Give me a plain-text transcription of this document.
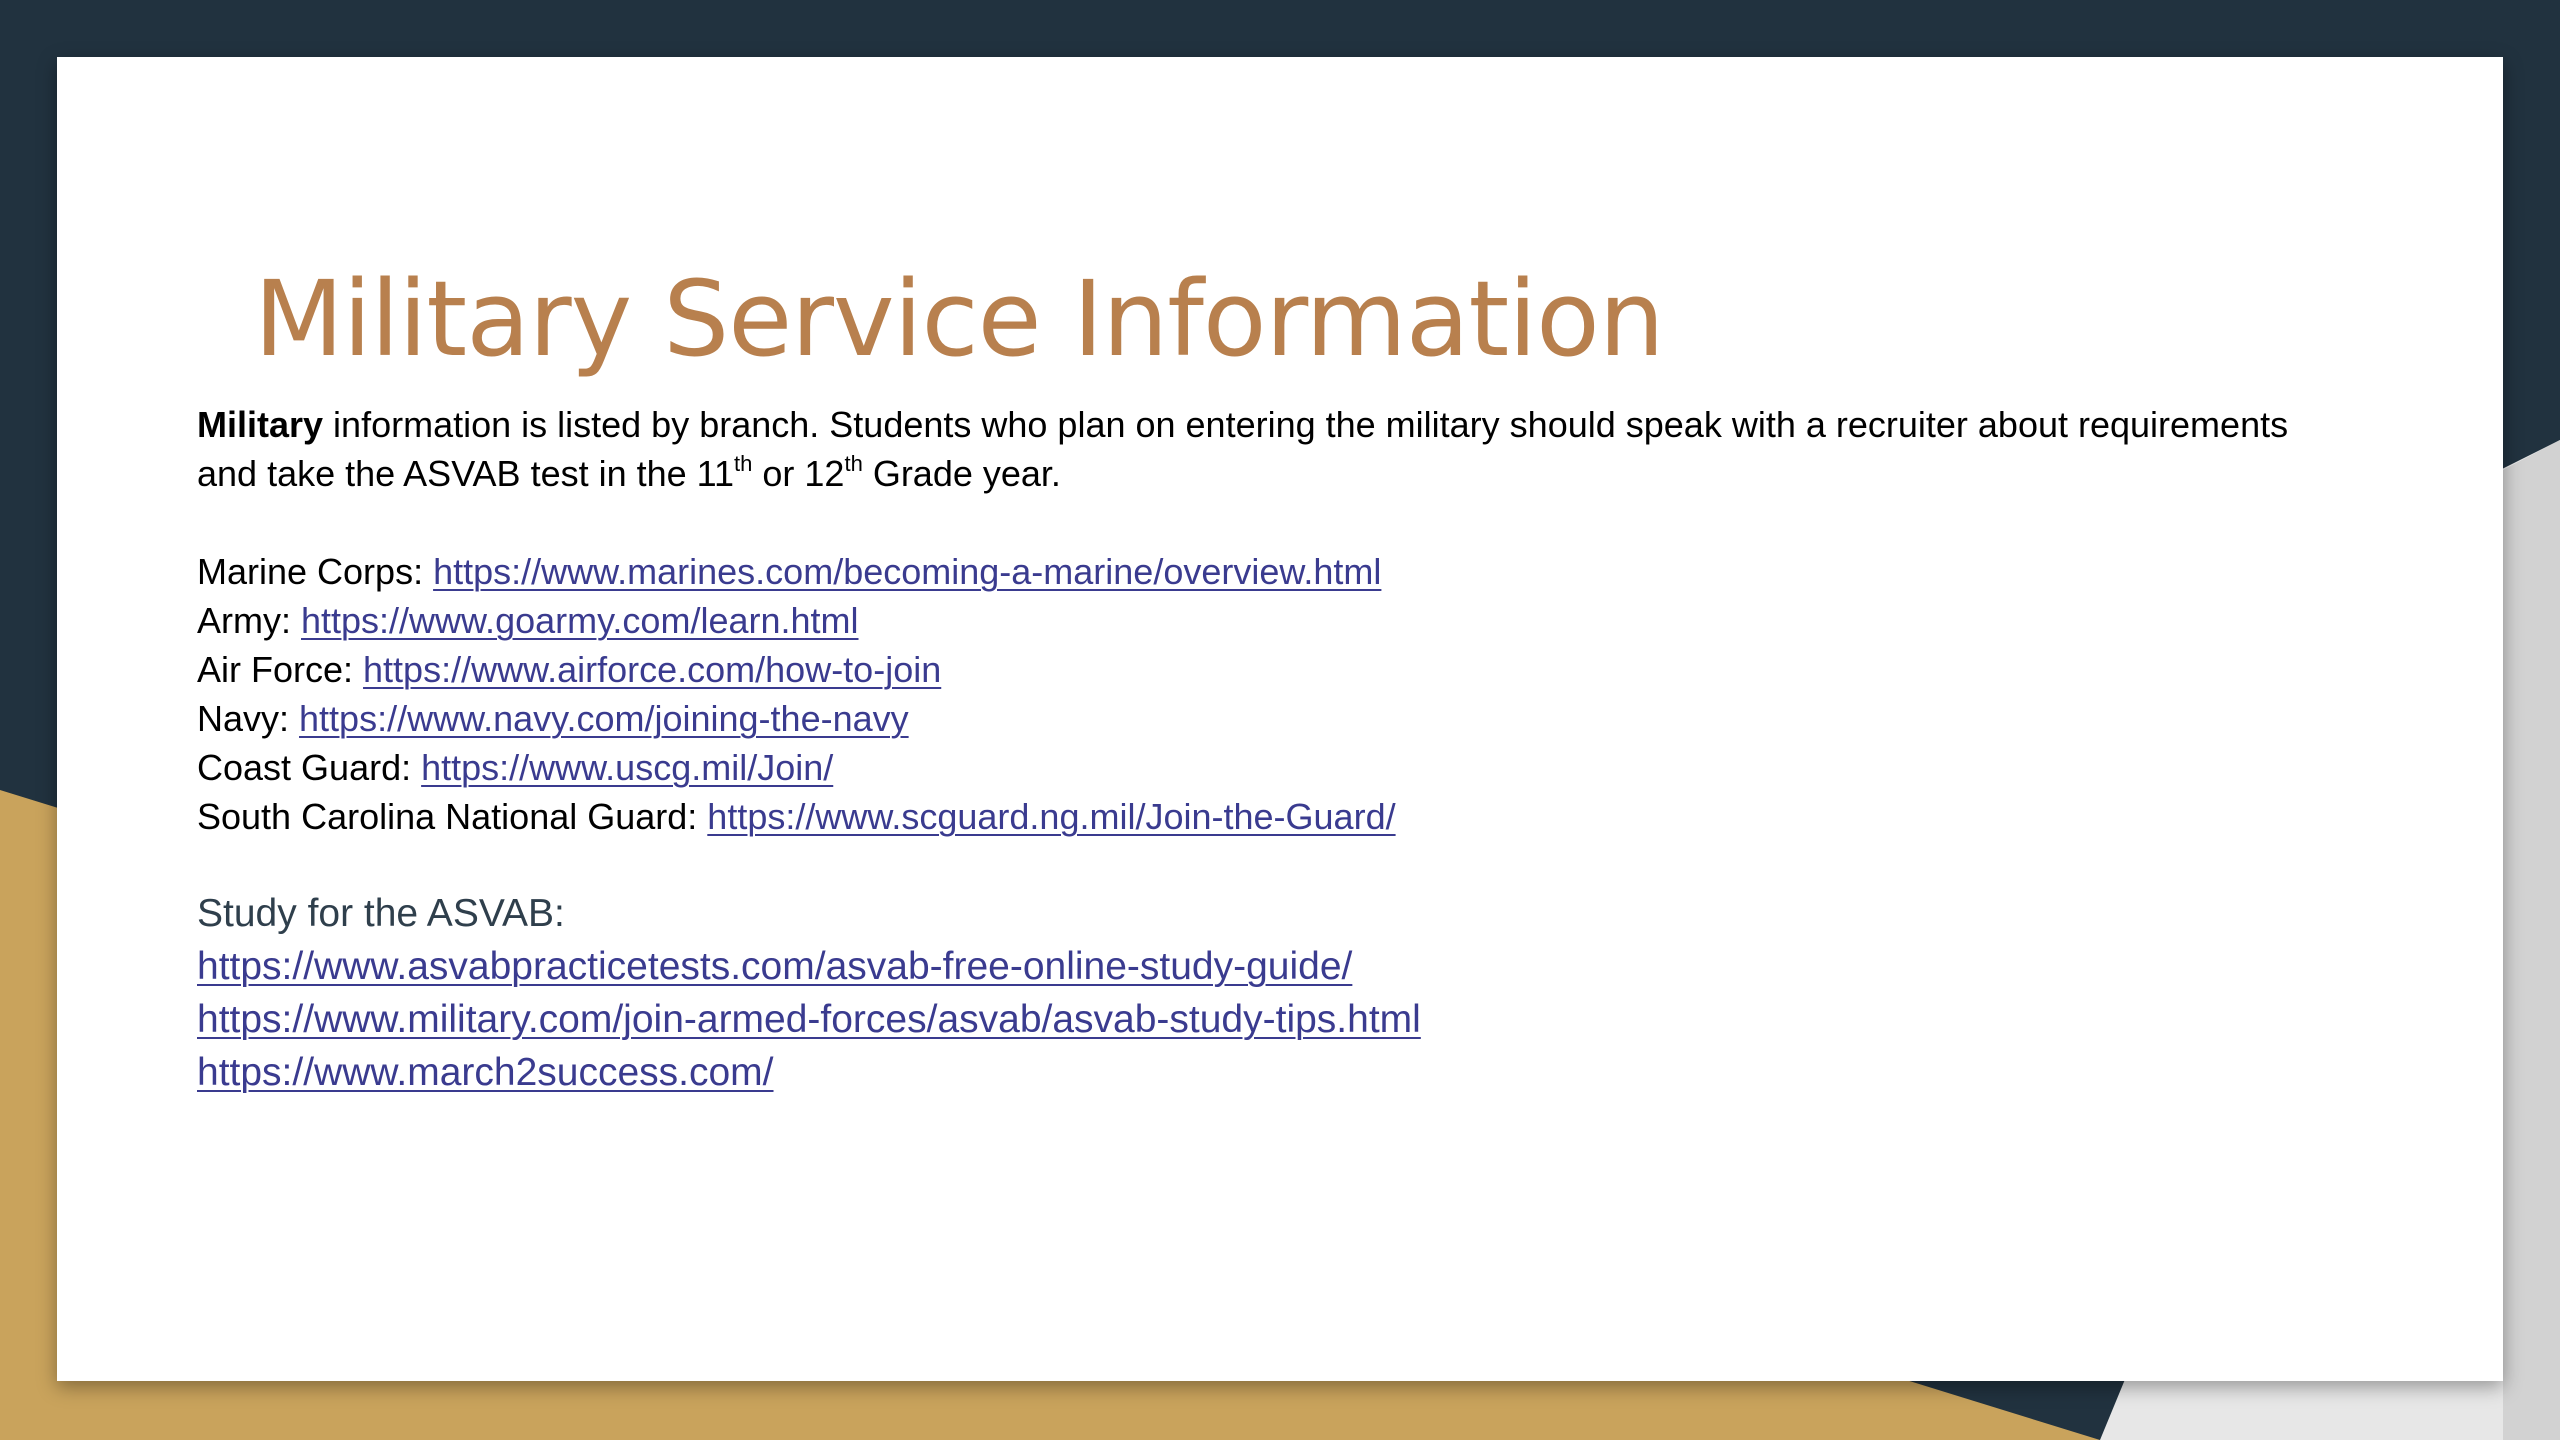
Military Service Information

Military information is listed by branch. Students who plan on entering the military should speak with a recruiter about requirements and take the ASVAB test in the 11th or 12th Grade year.

Marine Corps: https://www.marines.com/becoming-a-marine/overview.html
Army: https://www.goarmy.com/learn.html
Air Force: https://www.airforce.com/how-to-join
Navy: https://www.navy.com/joining-the-navy
Coast Guard: https://www.uscg.mil/Join/
South Carolina National Guard: https://www.scguard.ng.mil/Join-the-Guard/
Study for the ASVAB:
https://www.asvabpracticetests.com/asvab-free-online-study-guide/
https://www.military.com/join-armed-forces/asvab/asvab-study-tips.html
https://www.march2success.com/
